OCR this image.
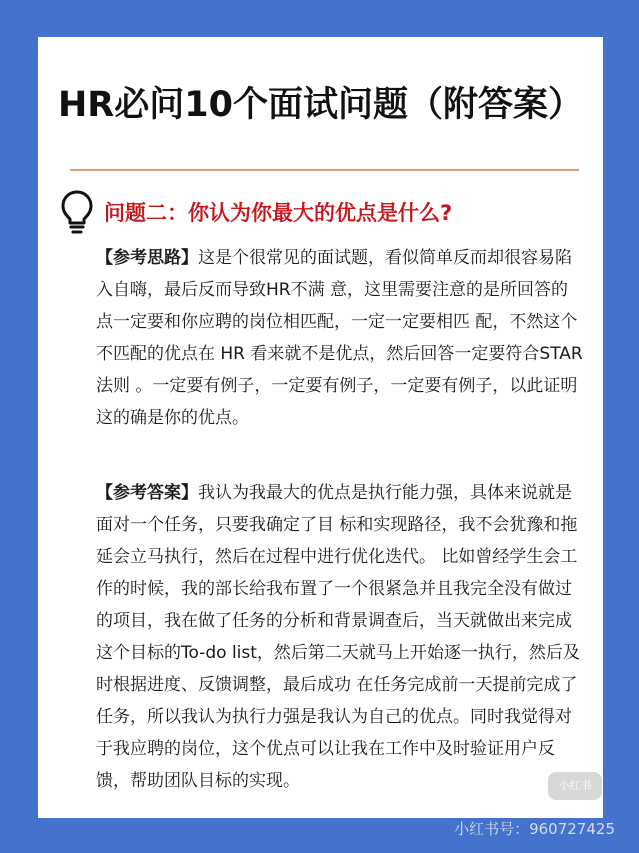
HR必问10个面试问题（附答案）
问题二：你认为你最大的优点是什么?
【参考思路】这是个很常见的面试题，看似简单反而却很容易陷入自嗨，最后反而导致HR不满 意，这里需要注意的是所回答的点一定要和你应聘的岗位相匹配，一定一定要相匹 配，不然这个不匹配的优点在 HR 看来就不是优点，然后回答一定要符合STAR法则 。一定要有例子，一定要有例子，一定要有例子，以此证明这的确是你的优点。
【参考答案】我认为我最大的优点是执行能力强，具体来说就是面对一个任务，只要我确定了目 标和实现路径，我不会犹豫和拖延会立马执行，然后在过程中进行优化迭代。 比如曾经学生会工作的时候，我的部长给我布置了一个很紧急并且我完全没有做过 的项目，我在做了任务的分析和背景调查后，当天就做出来完成这个目标的To-do list，然后第二天就马上开始逐一执行，然后及时根据进度、反馈调整，最后成功 在任务完成前一天提前完成了任务，所以我认为执行力强是我认为自己的优点。同时我觉得对于我应聘的岗位，这个优点可以让我在工作中及时验证用户反馈，帮助团队目标的实现。	小红书
小红书号：960727425
